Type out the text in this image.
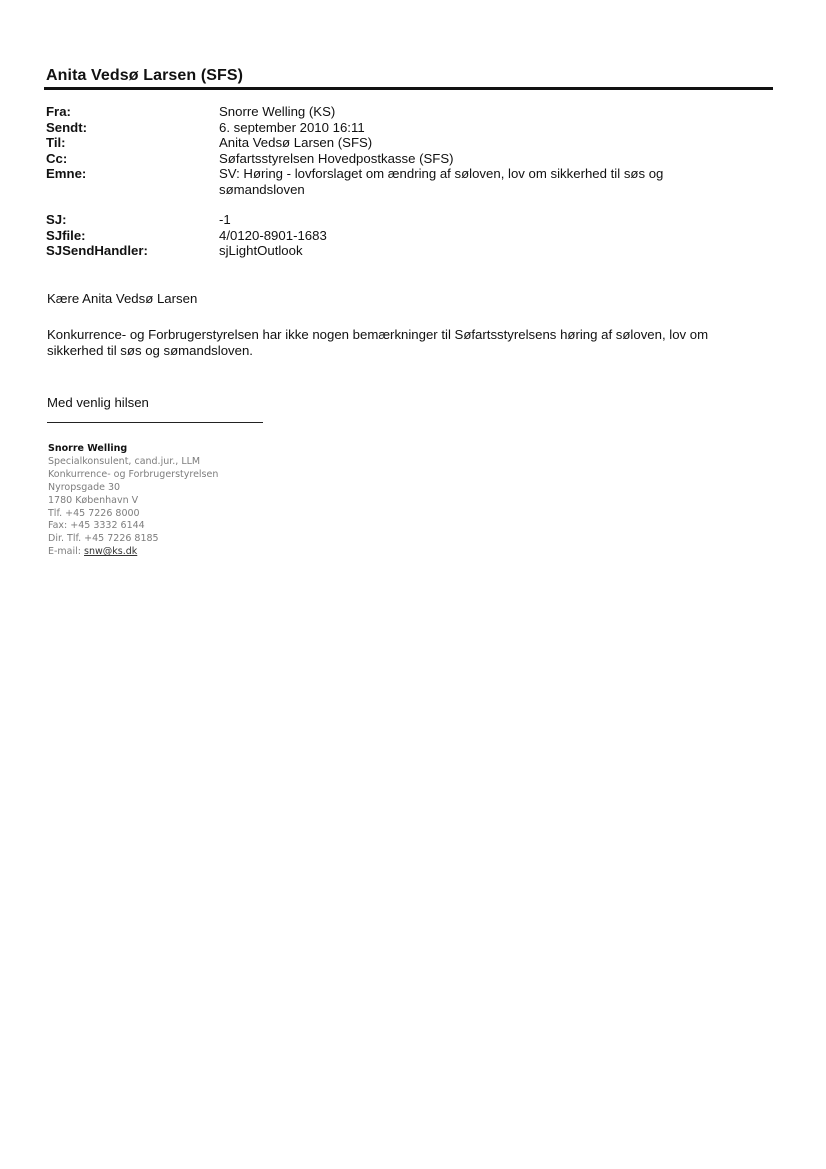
Anita Vedsø Larsen (SFS)
Fra:	Snorre Welling (KS)
Sendt:	6. september 2010 16:11
Til:	Anita Vedsø Larsen (SFS)
Cc:	Søfartsstyrelsen Hovedpostkasse (SFS)
Emne:	SV: Høring - lovforslaget om ændring af søloven, lov om sikkerhed til søs og sømandsloven
SJ:	-1
SJfile:	4/0120-8901-1683
SJSendHandler:	sjLightOutlook
Kære Anita Vedsø Larsen
Konkurrence- og Forbrugerstyrelsen har ikke nogen bemærkninger til Søfartsstyrelsens høring af søloven, lov om sikkerhed til søs og sømandsloven.
Med venlig hilsen
Snorre Welling
Specialkonsulent, cand.jur., LLM
Konkurrence- og Forbrugerstyrelsen
Nyropsgade 30
1780 København V
Tlf. +45 7226 8000
Fax: +45 3332 6144
Dir. Tlf. +45 7226 8185
E-mail: snw@ks.dk
